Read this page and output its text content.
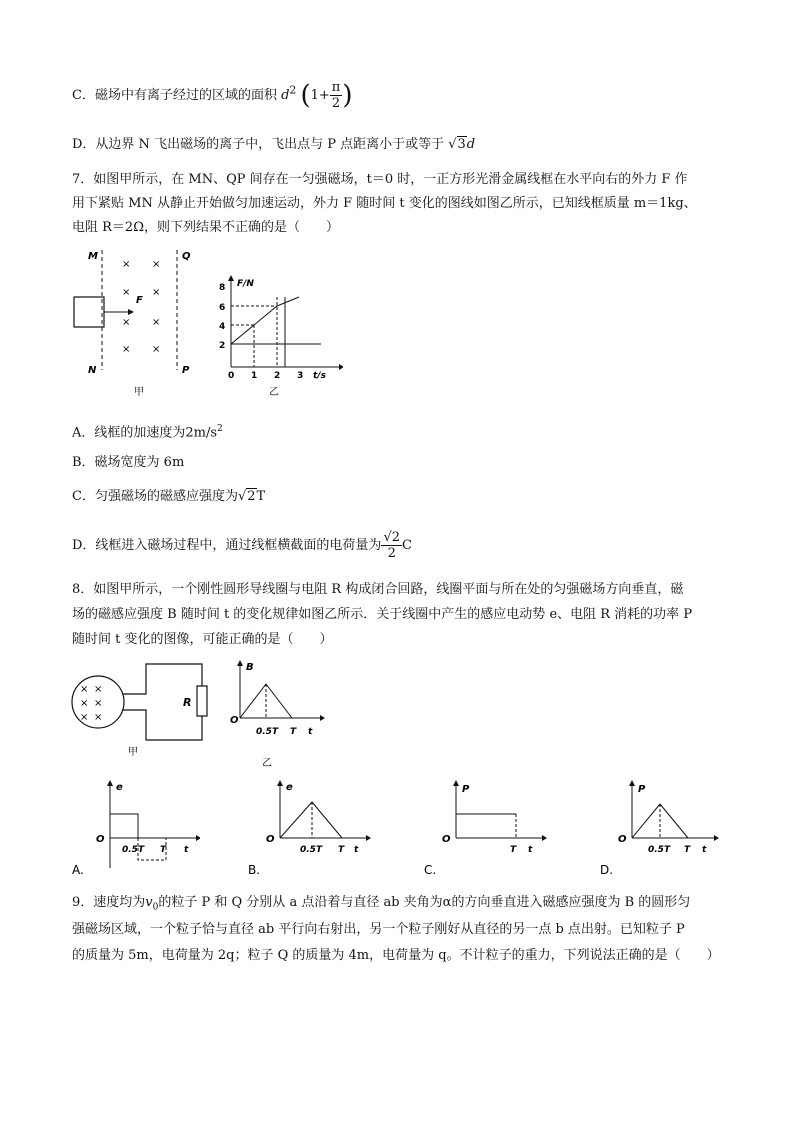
C．磁场中有离子经过的区域的面积 $d^2$ ($1+ \frac{\pi}{2}$ )
D．从边界 N 飞出磁场的离子中，飞出点与 P 点距离小于或等于 √3d
7．如图甲所示，在 MN、QP 间存在一匀强磁场，t＝0 时，一正方形光滑金属线框在水平向右的外力 F 作
用下紧贴 MN 从静止开始做匀加速运动，外力 F 随时间 t 变化的图线如图乙所示，已知线框质量 m＝1kg、
电阻 R＝2Ω，则下列结果不正确的是（　　）
M
N
Q
P
F
× ×
× ×
× ×
× ×
甲
F/N
t/s
8
6
4
2
0 1 2 3
乙
A．线框的加速度为$2m/s^2$
B．磁场宽度为 6m
C．匀强磁场的磁感应强度为√2T
D．线框进入磁场过程中，通过线框横截面的电荷量为 $\frac{√2}{2}$ C
8．如图甲所示，一个刚性圆形导线圈与电阻 R 构成闭合回路，线圈平面与所在处的匀强磁场方向垂直，磁
场的磁感应强度 B 随时间 t 的变化规律如图乙所示．关于线圈中产生的感应电动势 e、电阻 R 消耗的功率 P
随时间 t 变化的图像，可能正确的是（　　）
R
× ×
× ×
× ×
甲
B
O
0.5T T t
乙
A.
e
O
0.5T T t
B.
e
O
0.5T T t
C.
P
O
T t
D.
P
O
0.5T T t
9．速度均为$v_0$的粒子 P 和 Q 分别从 a 点沿着与直径 ab 夹角为α的方向垂直进入磁感应强度为 B 的圆形匀
强磁场区域，一个粒子恰与直径 ab 平行向右射出，另一个粒子刚好从直径的另一点 b 点出射。已知粒子 P
的质量为 5m，电荷量为 2q；粒子 Q 的质量为 4m，电荷量为 q。不计粒子的重力，下列说法正确的是（　　）
